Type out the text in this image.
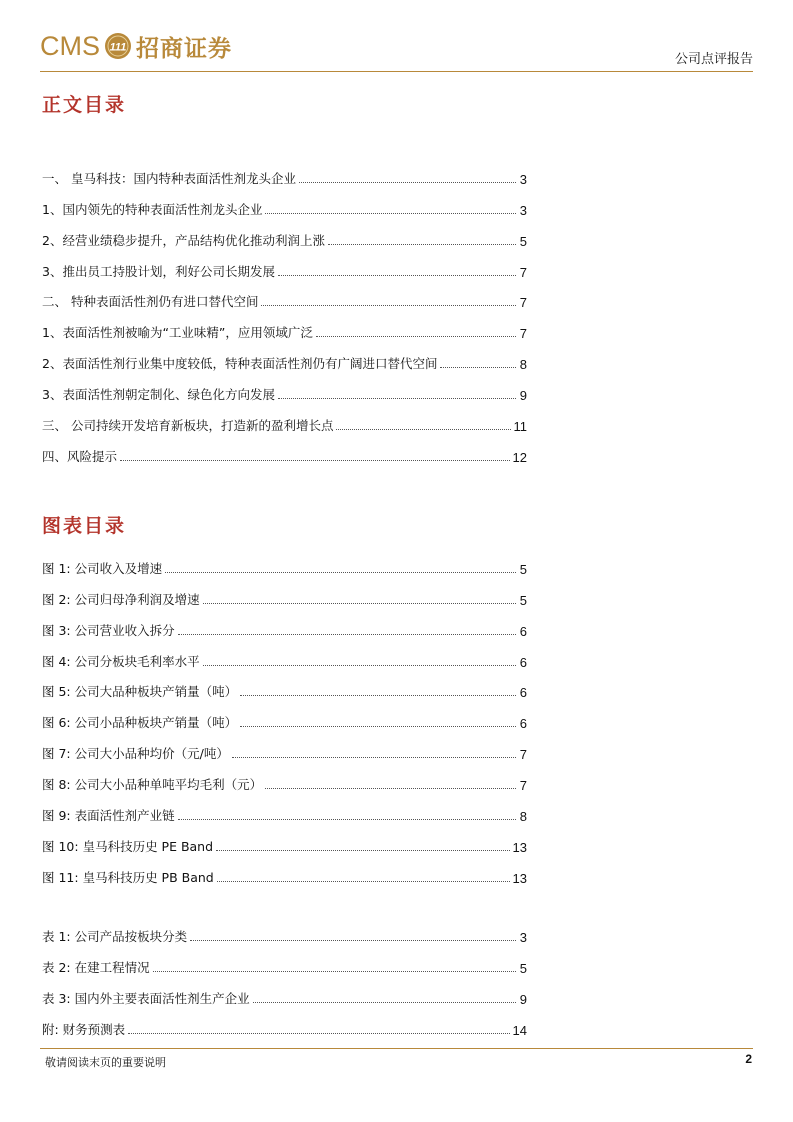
CMS 111 招商证券	公司点评报告
正文目录
一、 皇马科技：国内特种表面活性剂龙头企业	3
1、国内领先的特种表面活性剂龙头企业	3
2、经营业绩稳步提升，产品结构优化推动利润上涨	5
3、推出员工持股计划，利好公司长期发展	7
二、 特种表面活性剂仍有进口替代空间	7
1、表面活性剂被喻为“工业味精”，应用领域广泛	7
2、表面活性剂行业集中度较低，特种表面活性剂仍有广阔进口替代空间	8
3、表面活性剂朝定制化、绿色化方向发展	9
三、 公司持续开发培育新板块，打造新的盈利增长点	11
四、风险提示	12
图表目录
图 1: 公司收入及增速	5
图 2: 公司归母净利润及增速	5
图 3: 公司营业收入拆分	6
图 4: 公司分板块毛利率水平	6
图 5: 公司大品种板块产销量（吨）	6
图 6: 公司小品种板块产销量（吨）	6
图 7: 公司大小品种均价（元/吨）	7
图 8: 公司大小品种单吨平均毛利（元）	7
图 9: 表面活性剂产业链	8
图 10: 皇马科技历史 PE Band	13
图 11: 皇马科技历史 PB Band	13
表 1: 公司产品按板块分类	3
表 2: 在建工程情况	5
表 3: 国内外主要表面活性剂生产企业	9
附: 财务预测表	14
敬请阅读末页的重要说明	2
